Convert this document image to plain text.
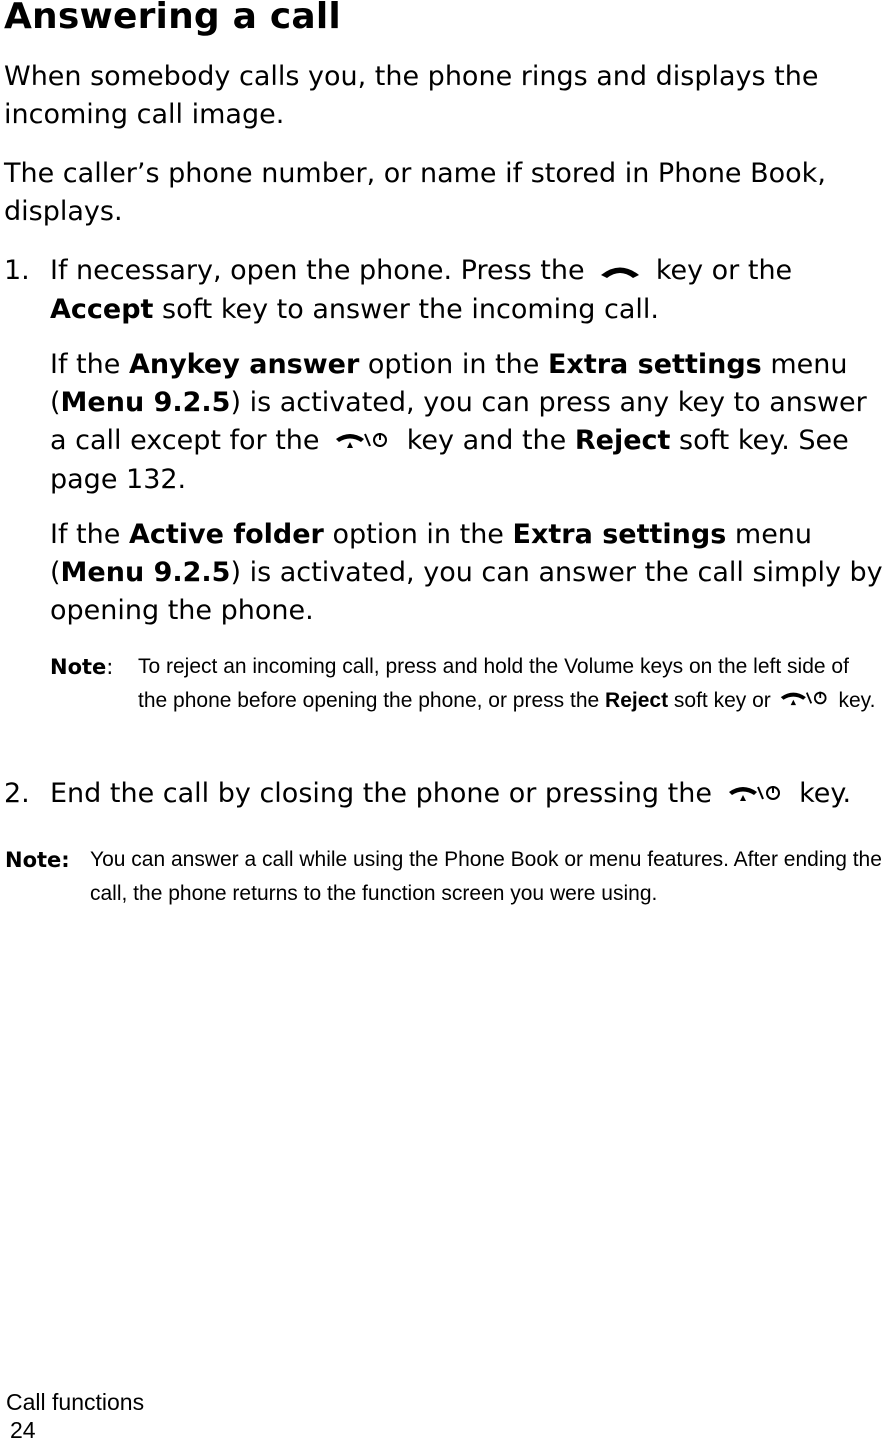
Answering a call

When somebody calls you, the phone rings and displays the incoming call image.

The caller’s phone number, or name if stored in Phone Book, displays.

1. If necessary, open the phone. Press the	key or the Accept soft key to answer the incoming call.

If the Anykey answer option in the Extra settings menu (Menu 9.2.5) is activated, you can press any key to answer a call except for the	key and the Reject soft key. See page 132.

If the Active folder option in the Extra settings menu (Menu 9.2.5) is activated, you can answer the call simply by opening the phone.

Note: To reject an incoming call, press and hold the Volume keys on the left side of the phone before opening the phone, or press the Reject soft key or	key.
2. End the call by closing the phone or pressing the	key.
Note: You can answer a call while using the Phone Book or menu features. After ending the call, the phone returns to the function screen you were using.
Call functions
24
